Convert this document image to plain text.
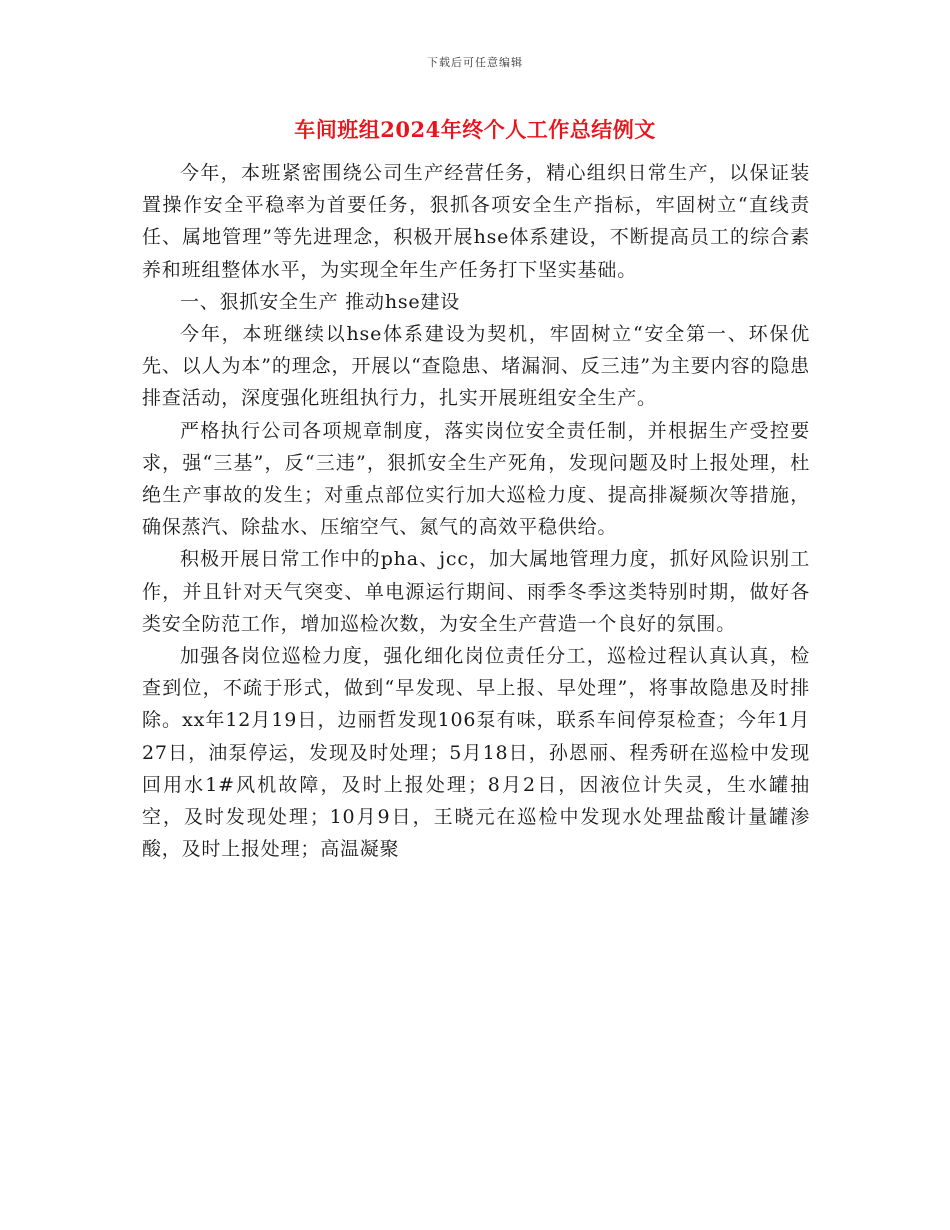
下载后可任意编辑
车间班组2024年终个人工作总结例文

今年，本班紧密围绕公司生产经营任务，精心组织日常生产，以保证装置操作安全平稳率为首要任务，狠抓各项安全生产指标，牢固树立“直线责任、属地管理”等先进理念，积极开展hse体系建设，不断提高员工的综合素养和班组整体水平，为实现全年生产任务打下坚实基础。

一、狠抓安全生产 推动hse建设

今年，本班继续以hse体系建设为契机，牢固树立“安全第一、环保优先、以人为本”的理念，开展以“查隐患、堵漏洞、反三违”为主要内容的隐患排查活动，深度强化班组执行力，扎实开展班组安全生产。

严格执行公司各项规章制度，落实岗位安全责任制，并根据生产受控要求，强“三基”，反“三违”，狠抓安全生产死角，发现问题及时上报处理，杜绝生产事故的发生；对重点部位实行加大巡检力度、提高排凝频次等措施，确保蒸汽、除盐水、压缩空气、氮气的高效平稳供给。

积极开展日常工作中的pha、jcc，加大属地管理力度，抓好风险识别工作，并且针对天气突变、单电源运行期间、雨季冬季这类特别时期，做好各类安全防范工作，增加巡检次数，为安全生产营造一个良好的氛围。

加强各岗位巡检力度，强化细化岗位责任分工，巡检过程认真认真，检查到位，不疏于形式，做到“早发现、早上报、早处理”，将事故隐患及时排除。xx年12月19日，边丽哲发现106泵有味，联系车间停泵检查；今年1月27日，油泵停运，发现及时处理；5月18日，孙恩丽、程秀研在巡检中发现回用水1#风机故障，及时上报处理；8月2日，因液位计失灵，生水罐抽空，及时发现处理；10月9日，王晓元在巡检中发现水处理盐酸计量罐渗酸，及时上报处理；高温凝聚
